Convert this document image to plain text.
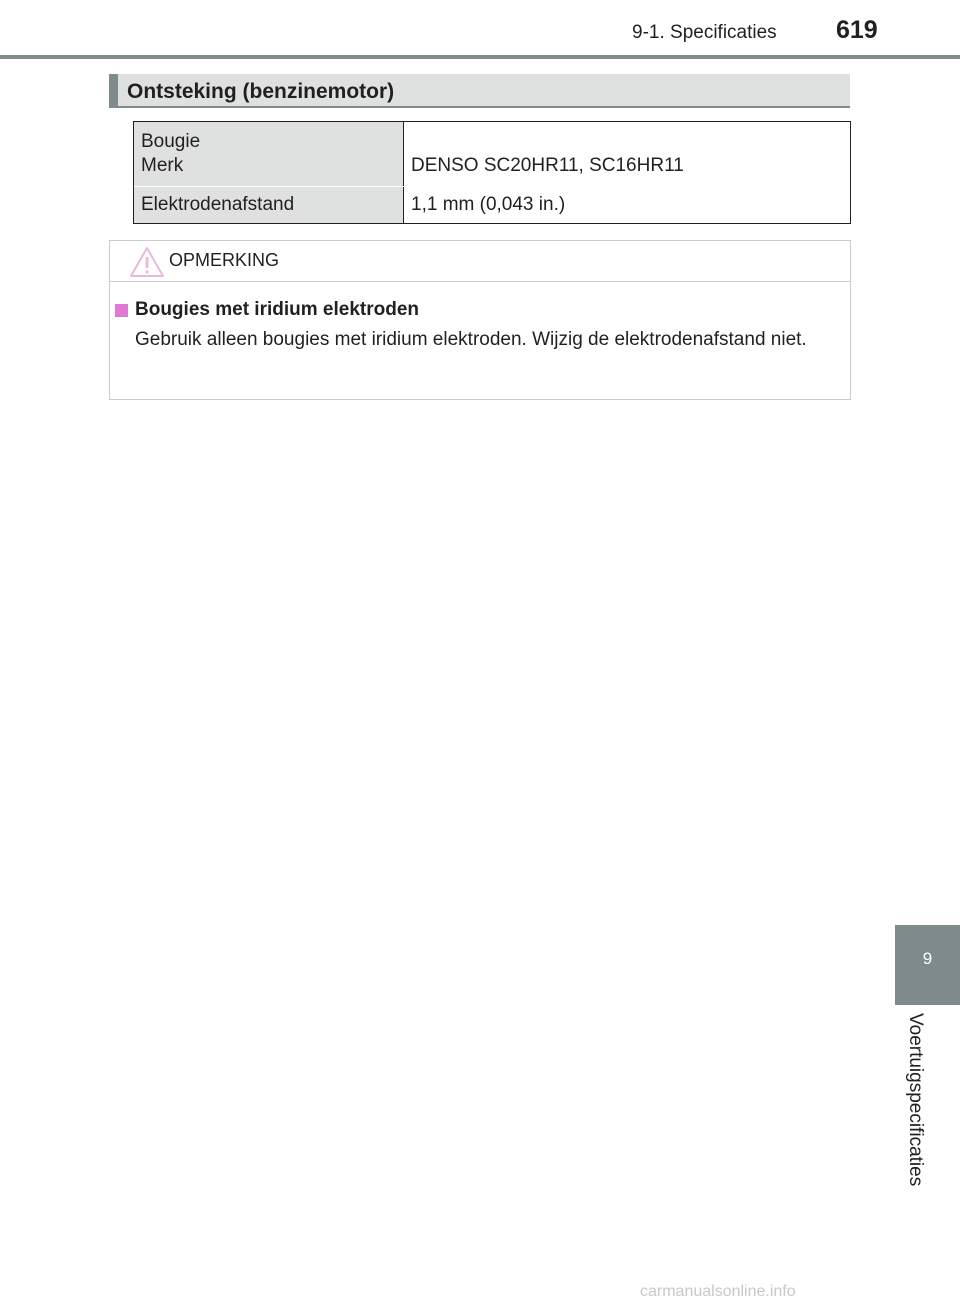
9-1. Specificaties 619
Ontsteking (benzinemotor)
Bougie
Merk	DENSO SC20HR11, SC16HR11
Elektrodenafstand	1,1 mm (0,043 in.)
OPMERKING
Bougies met iridium elektroden
Gebruik alleen bougies met iridium elektroden. Wijzig de elektrodenafstand niet.
9
Voertuigspecificaties
carmanualsonline.info
